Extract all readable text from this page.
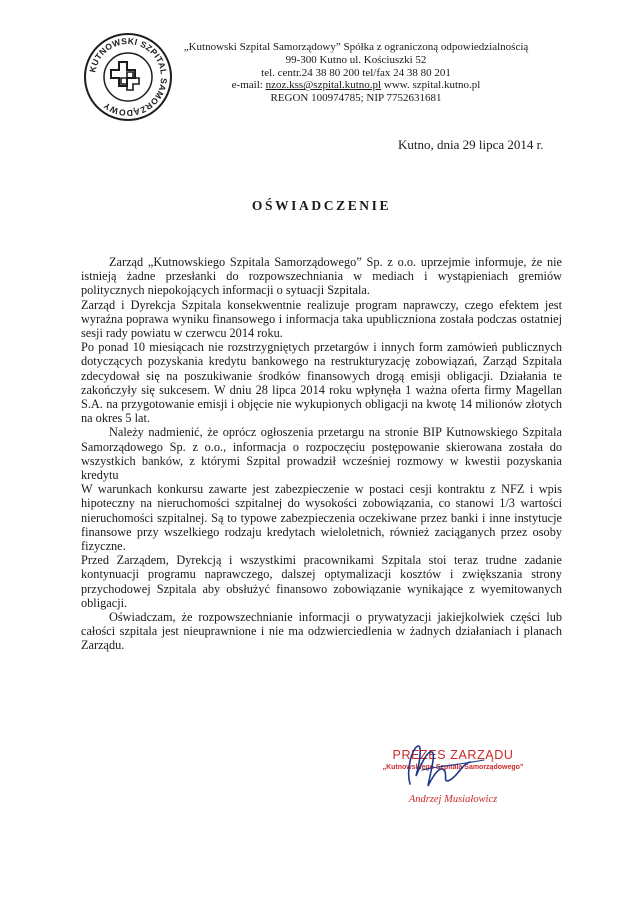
KUTNOWSKI SZPITAL SAMORZĄDOWY
„Kutnowski Szpital Samorządowy” Spółka z ograniczoną odpowiedzialnością
99-300 Kutno ul. Kościuszki 52
tel. centr.24 38 80 200 tel/fax 24 38 80 201
e-mail: nzoz.kss@szpital.kutno.pl www. szpital.kutno.pl
REGON 100974785; NIP 7752631681
Kutno, dnia 29 lipca 2014 r.
OŚWIADCZENIE

Zarząd „Kutnowskiego Szpitala Samorządowego” Sp. z o.o. uprzejmie informuje, że nie istnieją żadne przesłanki do rozpowszechniania w mediach i wystąpieniach gremiów politycznych niepokojących informacji o sytuacji Szpitala.

Zarząd i Dyrekcja Szpitala konsekwentnie realizuje program naprawczy, czego efektem jest wyraźna poprawa wyniku finansowego i informacja taka upubliczniona została podczas ostatniej sesji rady powiatu w czerwcu 2014 roku.

Po ponad 10 miesiącach nie rozstrzygniętych przetargów i innych form zamówień publicznych dotyczących pozyskania kredytu bankowego na restrukturyzację zobowiązań, Zarząd Szpitala zdecydował się na poszukiwanie środków finansowych drogą emisji obligacji. Działania te zakończyły się sukcesem. W dniu 28 lipca 2014 roku wpłynęła 1 ważna oferta firmy Magellan S.A. na przygotowanie emisji i objęcie nie wykupionych obligacji na kwotę 14 milionów złotych na okres 5 lat.

Należy nadmienić, że oprócz ogłoszenia przetargu na stronie BIP Kutnowskiego Szpitala Samorządowego Sp. z o.o., informacja o rozpoczęciu postępowanie skierowana została do wszystkich banków, z którymi Szpital prowadził wcześniej rozmowy w kwestii pozyskania kredytu

W warunkach konkursu zawarte jest zabezpieczenie w postaci cesji kontraktu z NFZ i wpis hipoteczny na nieruchomości szpitalnej do wysokości zobowiązania, co stanowi 1/3 wartości nieruchomości szpitalnej. Są to typowe zabezpieczenia oczekiwane przez banki i inne instytucje finansowe przy wszelkiego rodzaju kredytach wieloletnich, również zaciąganych przez osoby fizyczne.

Przed Zarządem, Dyrekcją i wszystkimi pracownikami Szpitala stoi teraz trudne zadanie kontynuacji programu naprawczego, dalszej optymalizacji kosztów i zwiększania strony przychodowej Szpitala aby obsłużyć finansowo zobowiązanie wynikające z wyemitowanych obligacji.

Oświadczam, że rozpowszechnianie informacji o prywatyzacji jakiejkolwiek części lub całości szpitala jest nieuprawnione i nie ma odzwierciedlenia w żadnych działaniach i planach Zarządu.

PREZES ZARZĄDU
„Kutnowskiego Szpitala Samorządowego”
Andrzej Musiałowicz
